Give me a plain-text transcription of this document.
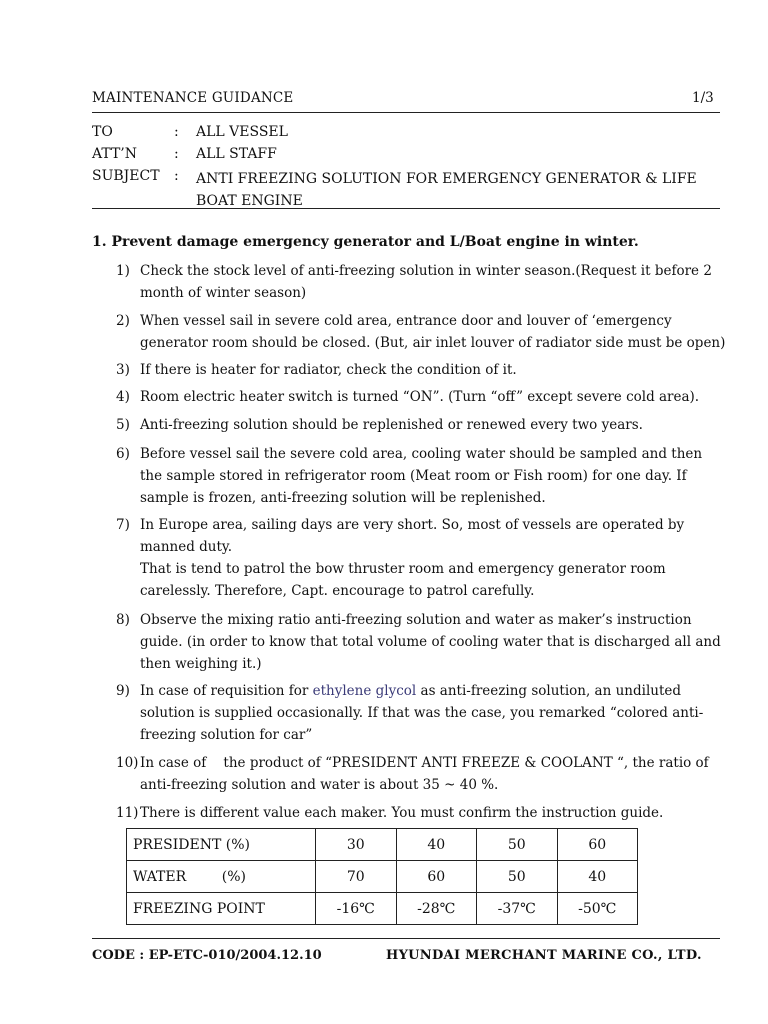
MAINTENANCE GUIDANCE	1/3
TO	: ALL VESSEL
ATT’N	: ALL STAFF
SUBJECT : ANTI FREEZING SOLUTION FOR EMERGENCY GENERATOR & LIFE BOAT ENGINE
1. Prevent damage emergency generator and L/Boat engine in winter.
1) Check the stock level of anti-freezing solution in winter season.(Request it before 2 month of winter season)
2) When vessel sail in severe cold area, entrance door and louver of ‘emergency generator room should be closed. (But, air inlet louver of radiator side must be open)
3) If there is heater for radiator, check the condition of it.
4) Room electric heater switch is turned “ON”. (Turn “off” except severe cold area).
5) Anti-freezing solution should be replenished or renewed every two years.
6) Before vessel sail the severe cold area, cooling water should be sampled and then the sample stored in refrigerator room (Meat room or Fish room) for one day. If sample is frozen, anti-freezing solution will be replenished.
7) In Europe area, sailing days are very short. So, most of vessels are operated by manned duty.
That is tend to patrol the bow thruster room and emergency generator room carelessly. Therefore, Capt. encourage to patrol carefully.
8) Observe the mixing ratio anti-freezing solution and water as maker’s instruction guide. (in order to know that total volume of cooling water that is discharged all and then weighing it.)
9) In case of requisition for ethylene glycol as anti-freezing solution, an undiluted solution is supplied occasionally. If that was the case, you remarked “colored anti-freezing solution for car”
10) In case of    the product of “PRESIDENT ANTI FREEZE & COOLANT “, the ratio of anti-freezing solution and water is about 35 ~ 40 %.
11) There is different value each maker. You must confirm the instruction guide.
PRESIDENT (%)	30	40	50	60
WATER        (%)	70	60	50	40
FREEZING POINT	-16℃	-28℃	-37℃	-50℃
CODE : EP-ETC-010/2004.12.10	HYUNDAI MERCHANT MARINE CO., LTD.
